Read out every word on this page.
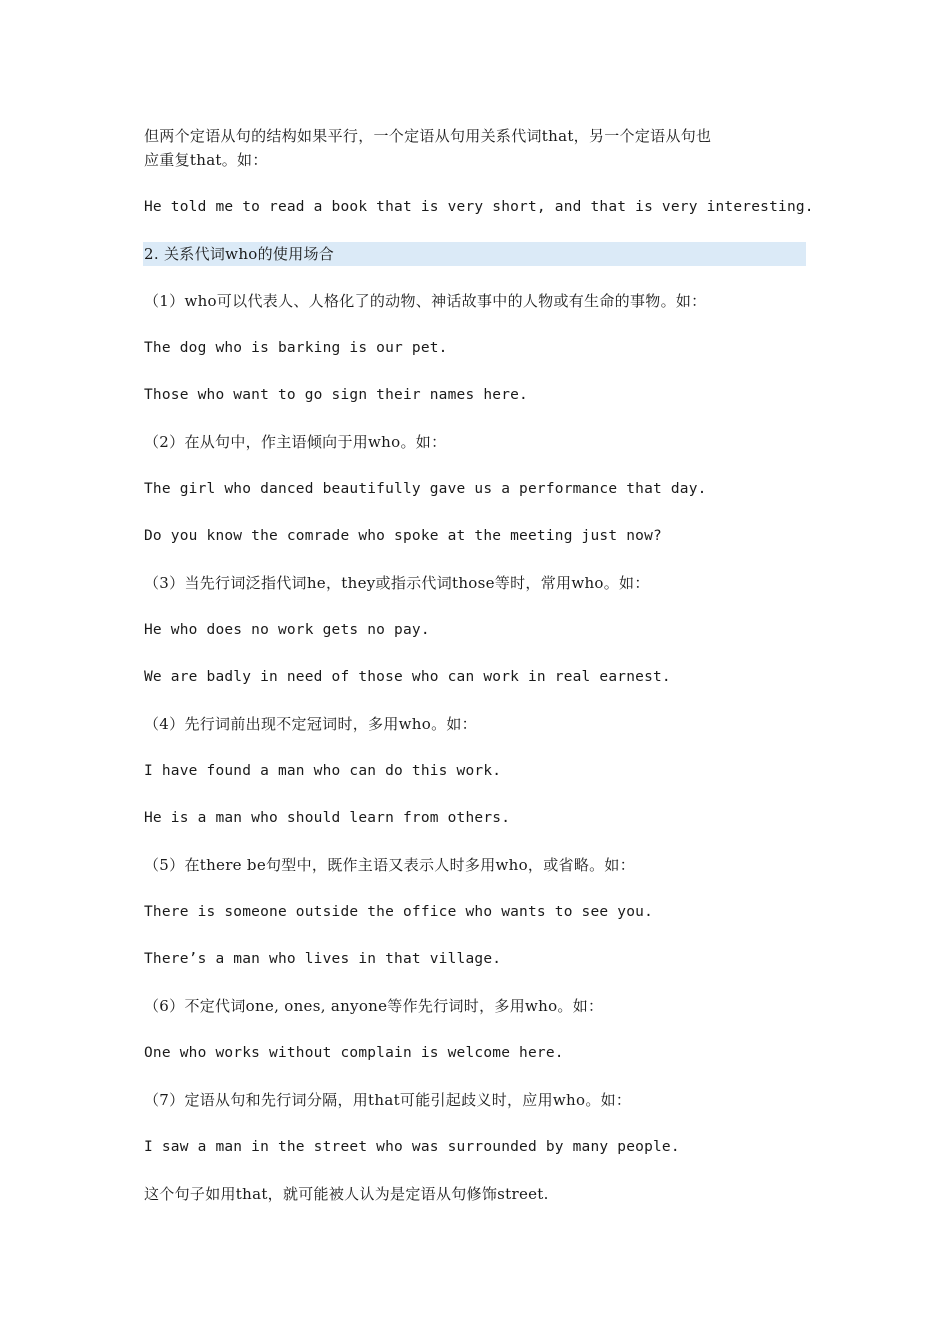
但两个定语从句的结构如果平行，一个定语从句用关系代词that，另一个定语从句也
应重复that。如：
He told me to read a book that is very short, and that is very interesting.
2. 关系代词who的使用场合
（1）who可以代表人、人格化了的动物、神话故事中的人物或有生命的事物。如：
The dog who is barking is our pet.
Those who want to go sign their names here.
（2）在从句中，作主语倾向于用who。如：
The girl who danced beautifully gave us a performance that day.
Do you know the comrade who spoke at the meeting just now?
（3）当先行词泛指代词he，they或指示代词those等时，常用who。如：
He who does no work gets no pay.
We are badly in need of those who can work in real earnest.
（4）先行词前出现不定冠词时，多用who。如：
I have found a man who can do this work.
He is a man who should learn from others.
（5）在there be句型中，既作主语又表示人时多用who，或省略。如：
There is someone outside the office who wants to see you.
There’s a man who lives in that village.
（6）不定代词one, ones, anyone等作先行词时，多用who。如：
One who works without complain is welcome here.
（7）定语从句和先行词分隔，用that可能引起歧义时，应用who。如：
I saw a man in the street who was surrounded by many people.
这个句子如用that，就可能被人认为是定语从句修饰street.
